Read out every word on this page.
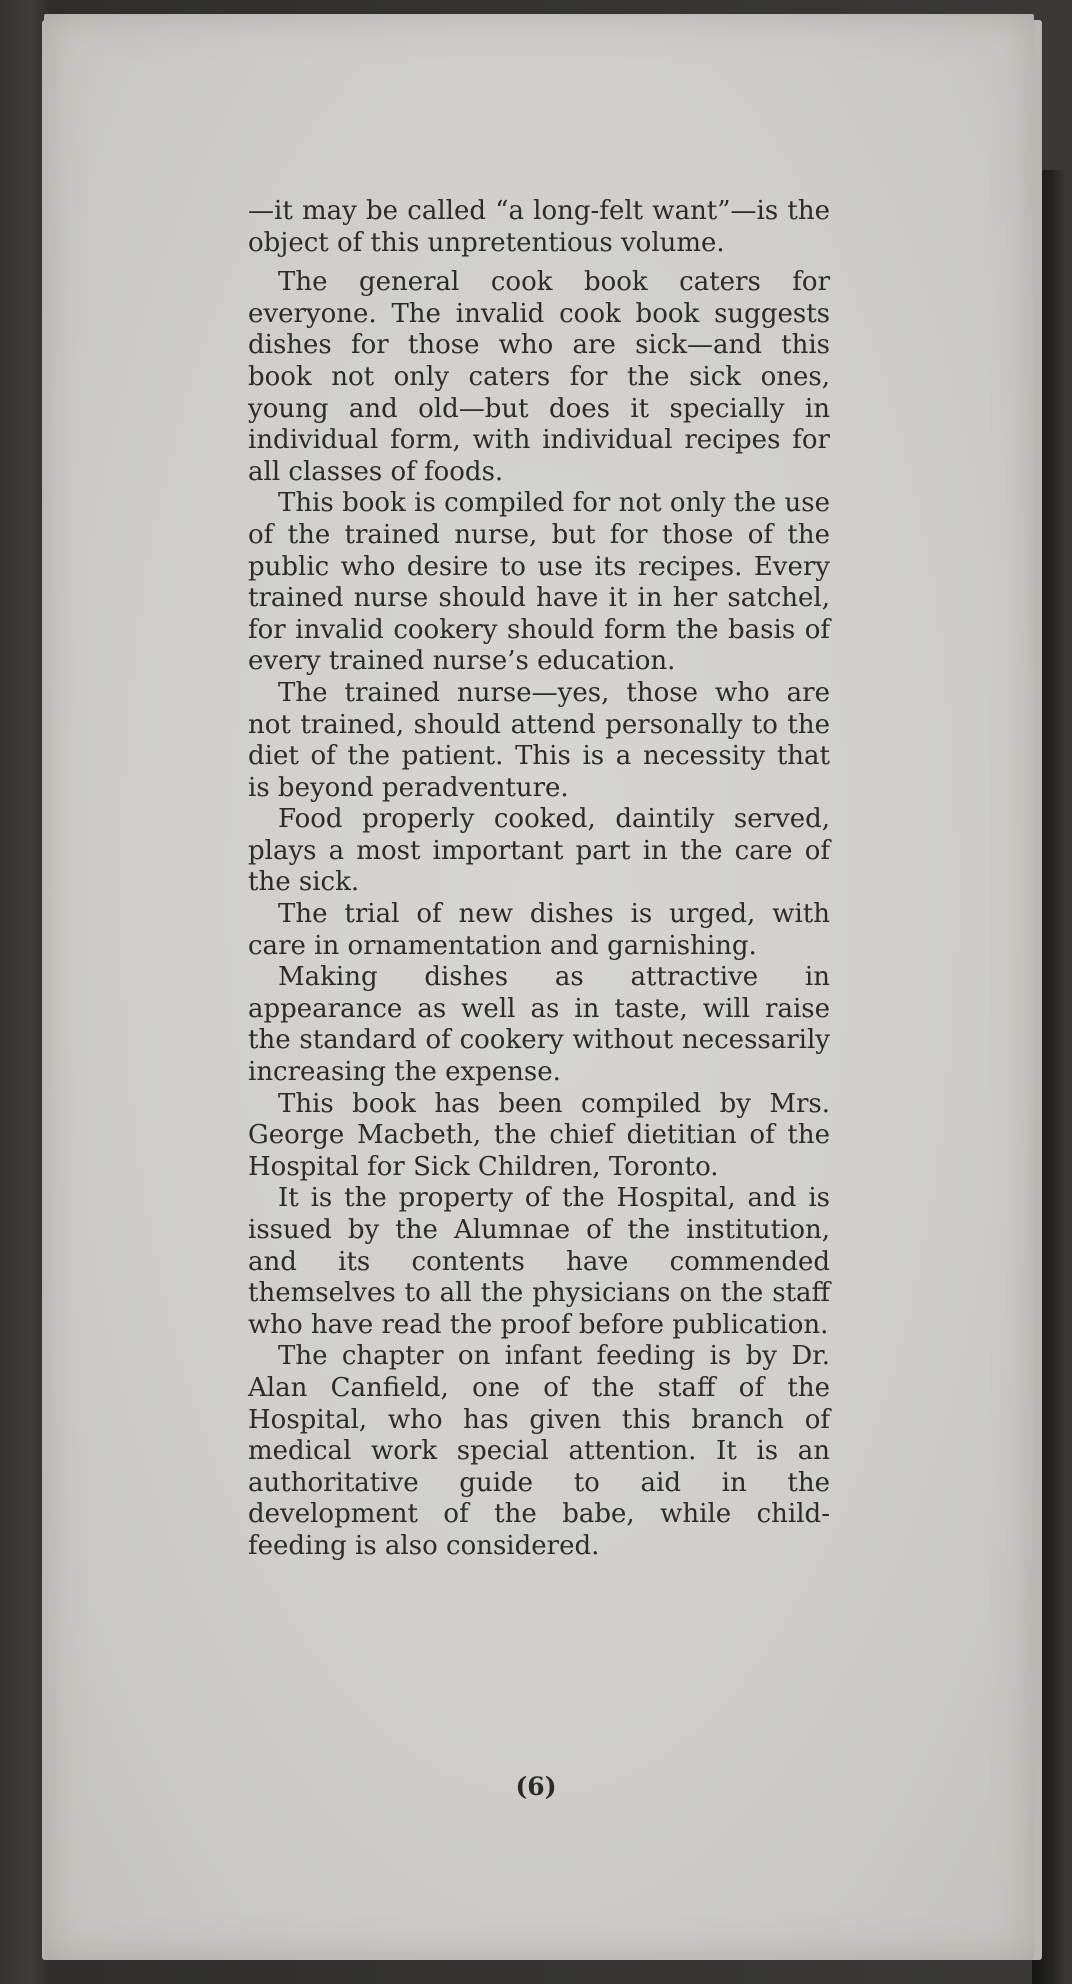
—it may be called “a long-felt want”—is the object of this unpretentious volume.

The general cook book caters for everyone. The invalid cook book suggests dishes for those who are sick—and this book not only caters for the sick ones, young and old—but does it specially in individual form, with individual recipes for all classes of foods.

This book is compiled for not only the use of the trained nurse, but for those of the public who desire to use its recipes. Every trained nurse should have it in her satchel, for invalid cookery should form the basis of every trained nurse’s education.

The trained nurse—yes, those who are not trained, should attend personally to the diet of the patient. This is a necessity that is beyond peradventure.

Food properly cooked, daintily served, plays a most important part in the care of the sick.

The trial of new dishes is urged, with care in ornamentation and garnishing.

Making dishes as attractive in appearance as well as in taste, will raise the standard of cookery without necessarily increasing the expense.

This book has been compiled by Mrs. George Macbeth, the chief dietitian of the Hospital for Sick Children, Toronto.

It is the property of the Hospital, and is issued by the Alumnae of the institution, and its contents have commended themselves to all the physicians on the staff who have read the proof before publication.

The chapter on infant feeding is by Dr. Alan Canfield, one of the staff of the Hospital, who has given this branch of medical work special attention. It is an authoritative guide to aid in the development of the babe, while child-feeding is also considered.

(6)
